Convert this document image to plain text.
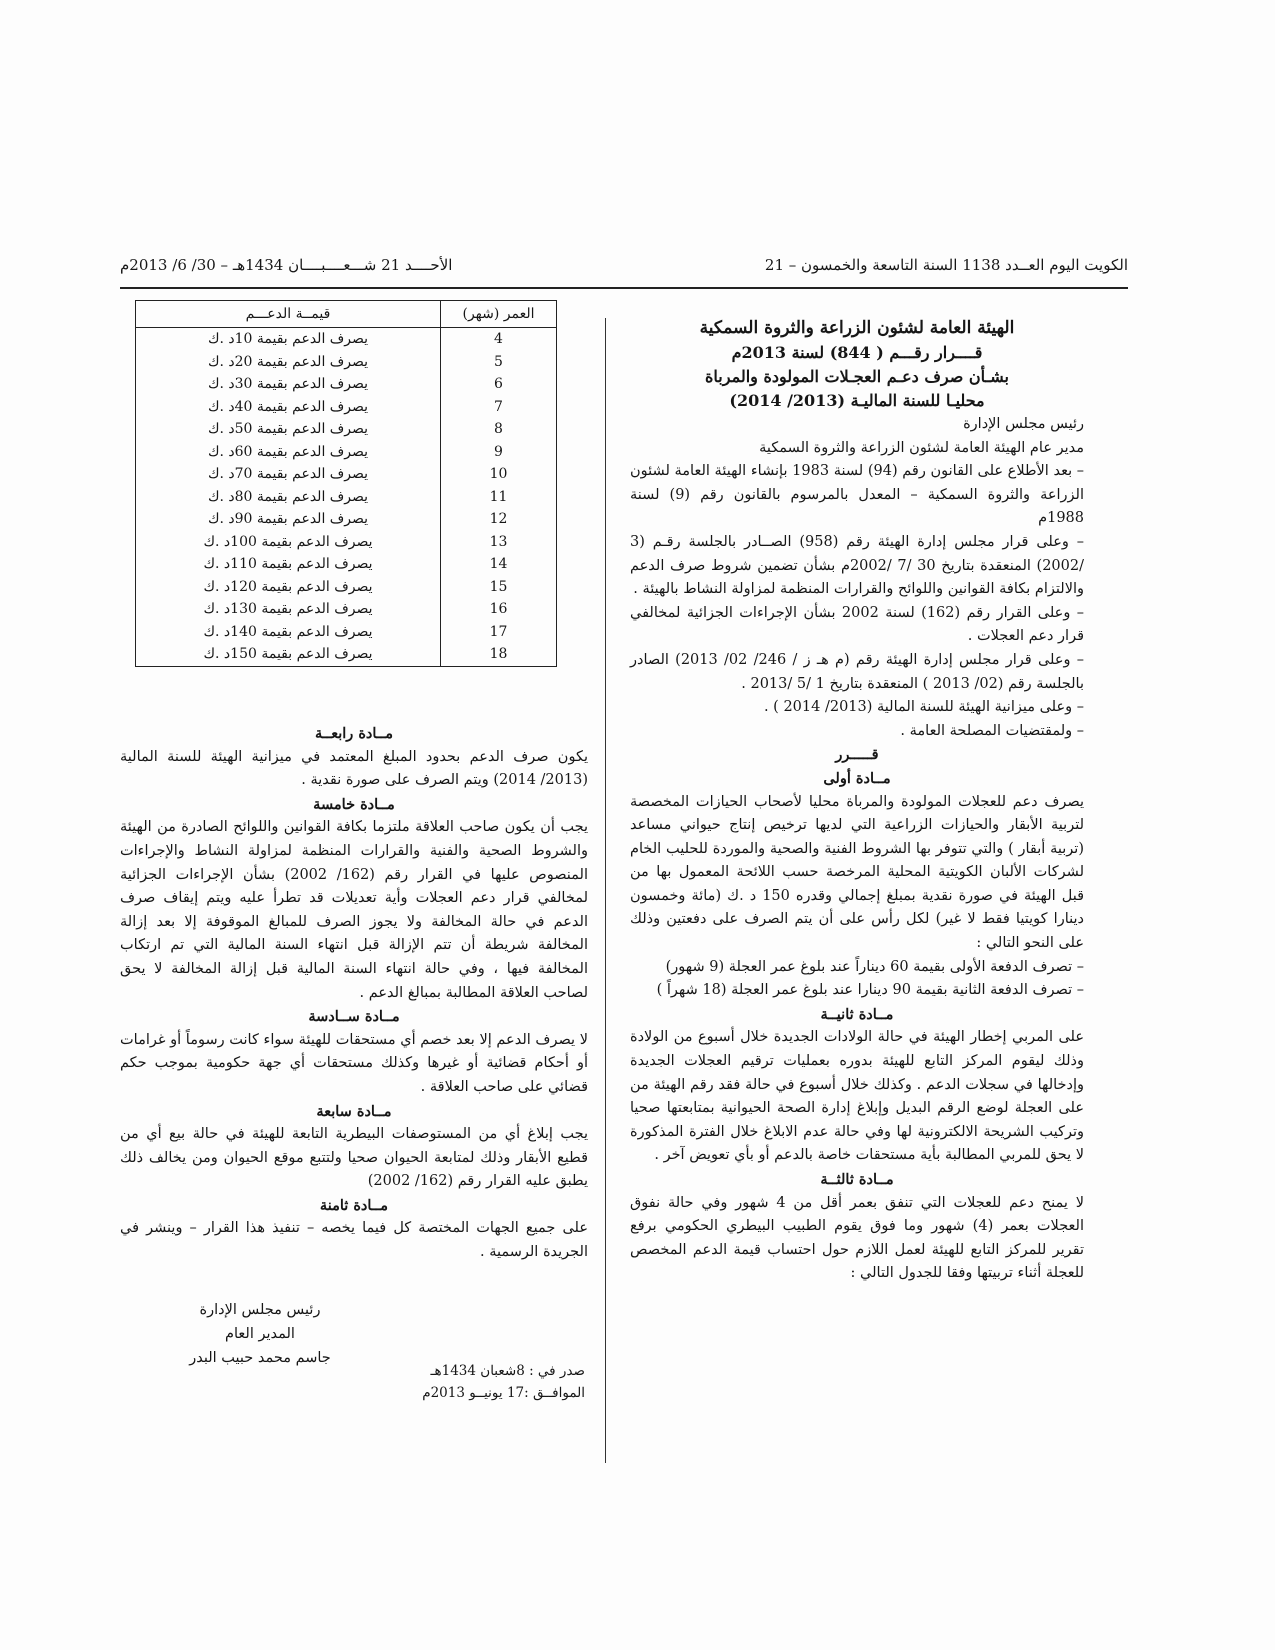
الكويت اليوم العــدد 1138 السنة التاسعة والخمسون – 21
الأحــــد 21 شـــعــــبــــان 1434هـ – 30/ 6/ 2013م

الهيئة العامة لشئون الزراعة والثروة السمكية

قــــرار رقـــم ( 844) لسنة 2013م

بشـأن صرف دعـم العجـلات المولودة والمرباة

محليـا للسنة الماليـة (2013/ 2014)

رئيس مجلس الإدارة

مدير عام الهيئة العامة لشئون الزراعة والثروة السمكية

– بعد الأطلاع على القانون رقم (94) لسنة 1983 بإنشاء الهيئة العامة لشئون الزراعة والثروة السمكية – المعدل بالمرسوم بالقانون رقم (9) لسنة 1988م

– وعلى قرار مجلس إدارة الهيئة رقم (958) الصــادر بالجلسة رقـم (3 /2002) المنعقدة بتاريخ 30 /7 /2002م بشأن تضمين شروط صرف الدعم والالتزام بكافة القوانين واللوائح والقرارات المنظمة لمزاولة النشاط بالهيئة .

– وعلى القرار رقم (162) لسنة 2002 بشأن الإجراءات الجزائية لمخالفي قرار دعم العجلات .

– وعلى قرار مجلس إدارة الهيئة رقم (م هـ ز / 246/ 02/ 2013) الصادر بالجلسة رقم (02/ 2013 ) المنعقدة بتاريخ 1 /5 /2013 .

– وعلى ميزانية الهيئة للسنة المالية (2013/ 2014 ) .

– ولمقتضيات المصلحة العامة .

قـــــرر

مــادة أولى

يصرف دعم للعجلات المولودة والمرباة محليا لأصحاب الحيازات المخصصة لتربية الأبقار والحيازات الزراعية التي لديها ترخيص إنتاج حيواني مساعد (تربية أبقار ) والتي تتوفر بها الشروط الفنية والصحية والموردة للحليب الخام لشركات الألبان الكويتية المحلية المرخصة حسب اللائحة المعمول بها من قبل الهيئة في صورة نقدية بمبلغ إجمالي وقدره 150 د .ك (مائة وخمسون دينارا كويتيا فقط لا غير) لكل رأس على أن يتم الصرف على دفعتين وذلك على النحو التالي :

– تصرف الدفعة الأولى بقيمة 60 ديناراً عند بلوغ عمر العجلة (9 شهور)

– تصرف الدفعة الثانية بقيمة 90 دينارا عند بلوغ عمر العجلة (18 شهراً )

مــادة ثانيــة

على المربي إخطار الهيئة في حالة الولادات الجديدة خلال أسبوع من الولادة وذلك ليقوم المركز التابع للهيئة بدوره بعمليات ترقيم العجلات الجديدة وإدخالها في سجلات الدعم . وكذلك خلال أسبوع في حالة فقد رقم الهيئة من على العجلة لوضع الرقم البديل وإبلاغ إدارة الصحة الحيوانية بمتابعتها صحيا وتركيب الشريحة الالكترونية لها وفي حالة عدم الابلاغ خلال الفترة المذكورة لا يحق للمربي المطالبة بأية مستحقات خاصة بالدعم أو بأي تعويض آخر .

مــادة ثالثــة

لا يمنح دعم للعجلات التي تنفق بعمر أقل من 4 شهور وفي حالة نفوق العجلات بعمر (4) شهور وما فوق يقوم الطبيب البيطري الحكومي برفع تقرير للمركز التابع للهيئة لعمل اللازم حول احتساب قيمة الدعم المخصص للعجلة أثناء تربيتها وفقا للجدول التالي :

العمر (شهر)	قيمــة الدعـــم
4	يصرف الدعم بقيمة 10د .ك
5	يصرف الدعم بقيمة 20د .ك
6	يصرف الدعم بقيمة 30د .ك
7	يصرف الدعم بقيمة 40د .ك
8	يصرف الدعم بقيمة 50د .ك
9	يصرف الدعم بقيمة 60د .ك
10	يصرف الدعم بقيمة 70د .ك
11	يصرف الدعم بقيمة 80د .ك
12	يصرف الدعم بقيمة 90د .ك
13	يصرف الدعم بقيمة 100د .ك
14	يصرف الدعم بقيمة 110د .ك
15	يصرف الدعم بقيمة 120د .ك
16	يصرف الدعم بقيمة 130د .ك
17	يصرف الدعم بقيمة 140د .ك
18	يصرف الدعم بقيمة 150د .ك

مــادة رابعــة

يكون صرف الدعم بحدود المبلغ المعتمد في ميزانية الهيئة للسنة المالية (2013/ 2014) ويتم الصرف على صورة نقدية .

مــادة خامسة

يجب أن يكون صاحب العلاقة ملتزما بكافة القوانين واللوائح الصادرة من الهيئة والشروط الصحية والفنية والقرارات المنظمة لمزاولة النشاط والإجراءات المنصوص عليها في القرار رقم (162/ 2002) بشأن الإجراءات الجزائية لمخالفي قرار دعم العجلات وأية تعديلات قد تطرأ عليه ويتم إيقاف صرف الدعم في حالة المخالفة ولا يجوز الصرف للمبالغ الموقوفة إلا بعد إزالة المخالفة شريطة أن تتم الإزالة قبل انتهاء السنة المالية التي تم ارتكاب المخالفة فيها ، وفي حالة انتهاء السنة المالية قبل إزالة المخالفة لا يحق لصاحب العلاقة المطالبة بمبالغ الدعم .

مــادة ســادسة

لا يصرف الدعم إلا بعد خصم أي مستحقات للهيئة سواء كانت رسوماً أو غرامات أو أحكام قضائية أو غيرها وكذلك مستحقات أي جهة حكومية بموجب حكم قضائي على صاحب العلاقة .

مــادة سابعة

يجب إبلاغ أي من المستوصفات البيطرية التابعة للهيئة في حالة بيع أي من قطيع الأبقار وذلك لمتابعة الحيوان صحيا ولتتبع موقع الحيوان ومن يخالف ذلك يطبق عليه القرار رقم (162/ 2002)

مــادة ثامنة

على جميع الجهات المختصة كل فيما يخصه – تنفيذ هذا القرار – وينشر في الجريدة الرسمية .

رئيس مجلس الإدارة
المدير العام
جاسم محمد حبيب البدر
صدر في : 8شعبان 1434هـ
الموافــق :17 يونيــو 2013م
